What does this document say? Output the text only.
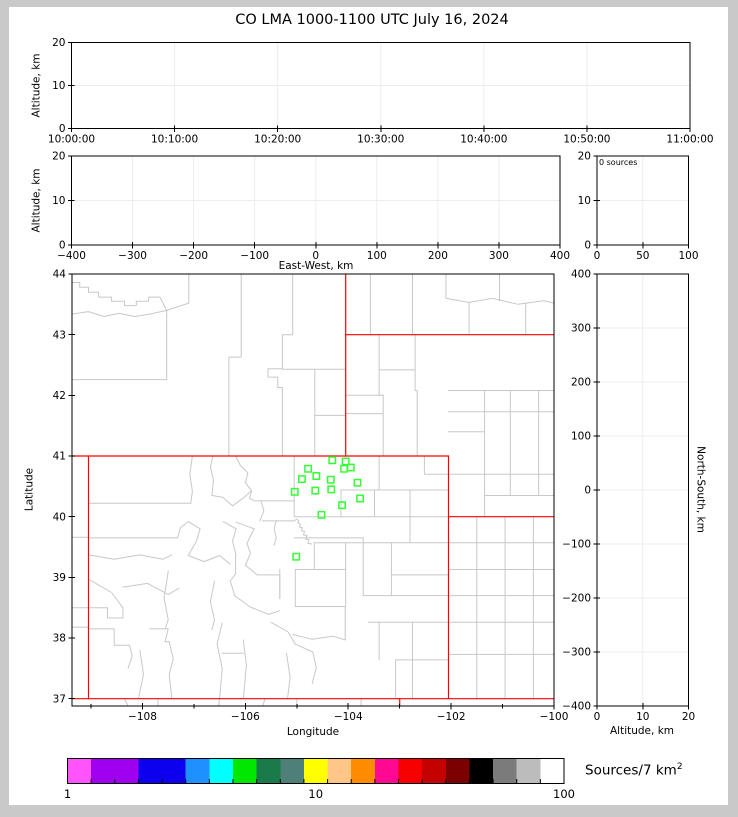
1	10	100
10:00:00	10:10:00	10:20:00	10:30:00	10:40:00	10:50:00	11:00:00
0
10
20
−400	−300	−200	−100	0	100	200	300	400
0
10
20
0	50	100
0
10
20
0	10	20
−400
−300
−200
−100
0
100
200
300
400
−108	−106	−104	−102	−100
37
38
39
40
41
42
43
44
CO LMA 1000-1100 UTC July 16, 2024
Altitude, km
Altitude, km
East-West, km
0 sources
Latitude
Longitude
North-South, km
Altitude, km
Sources/7 $km^2$
